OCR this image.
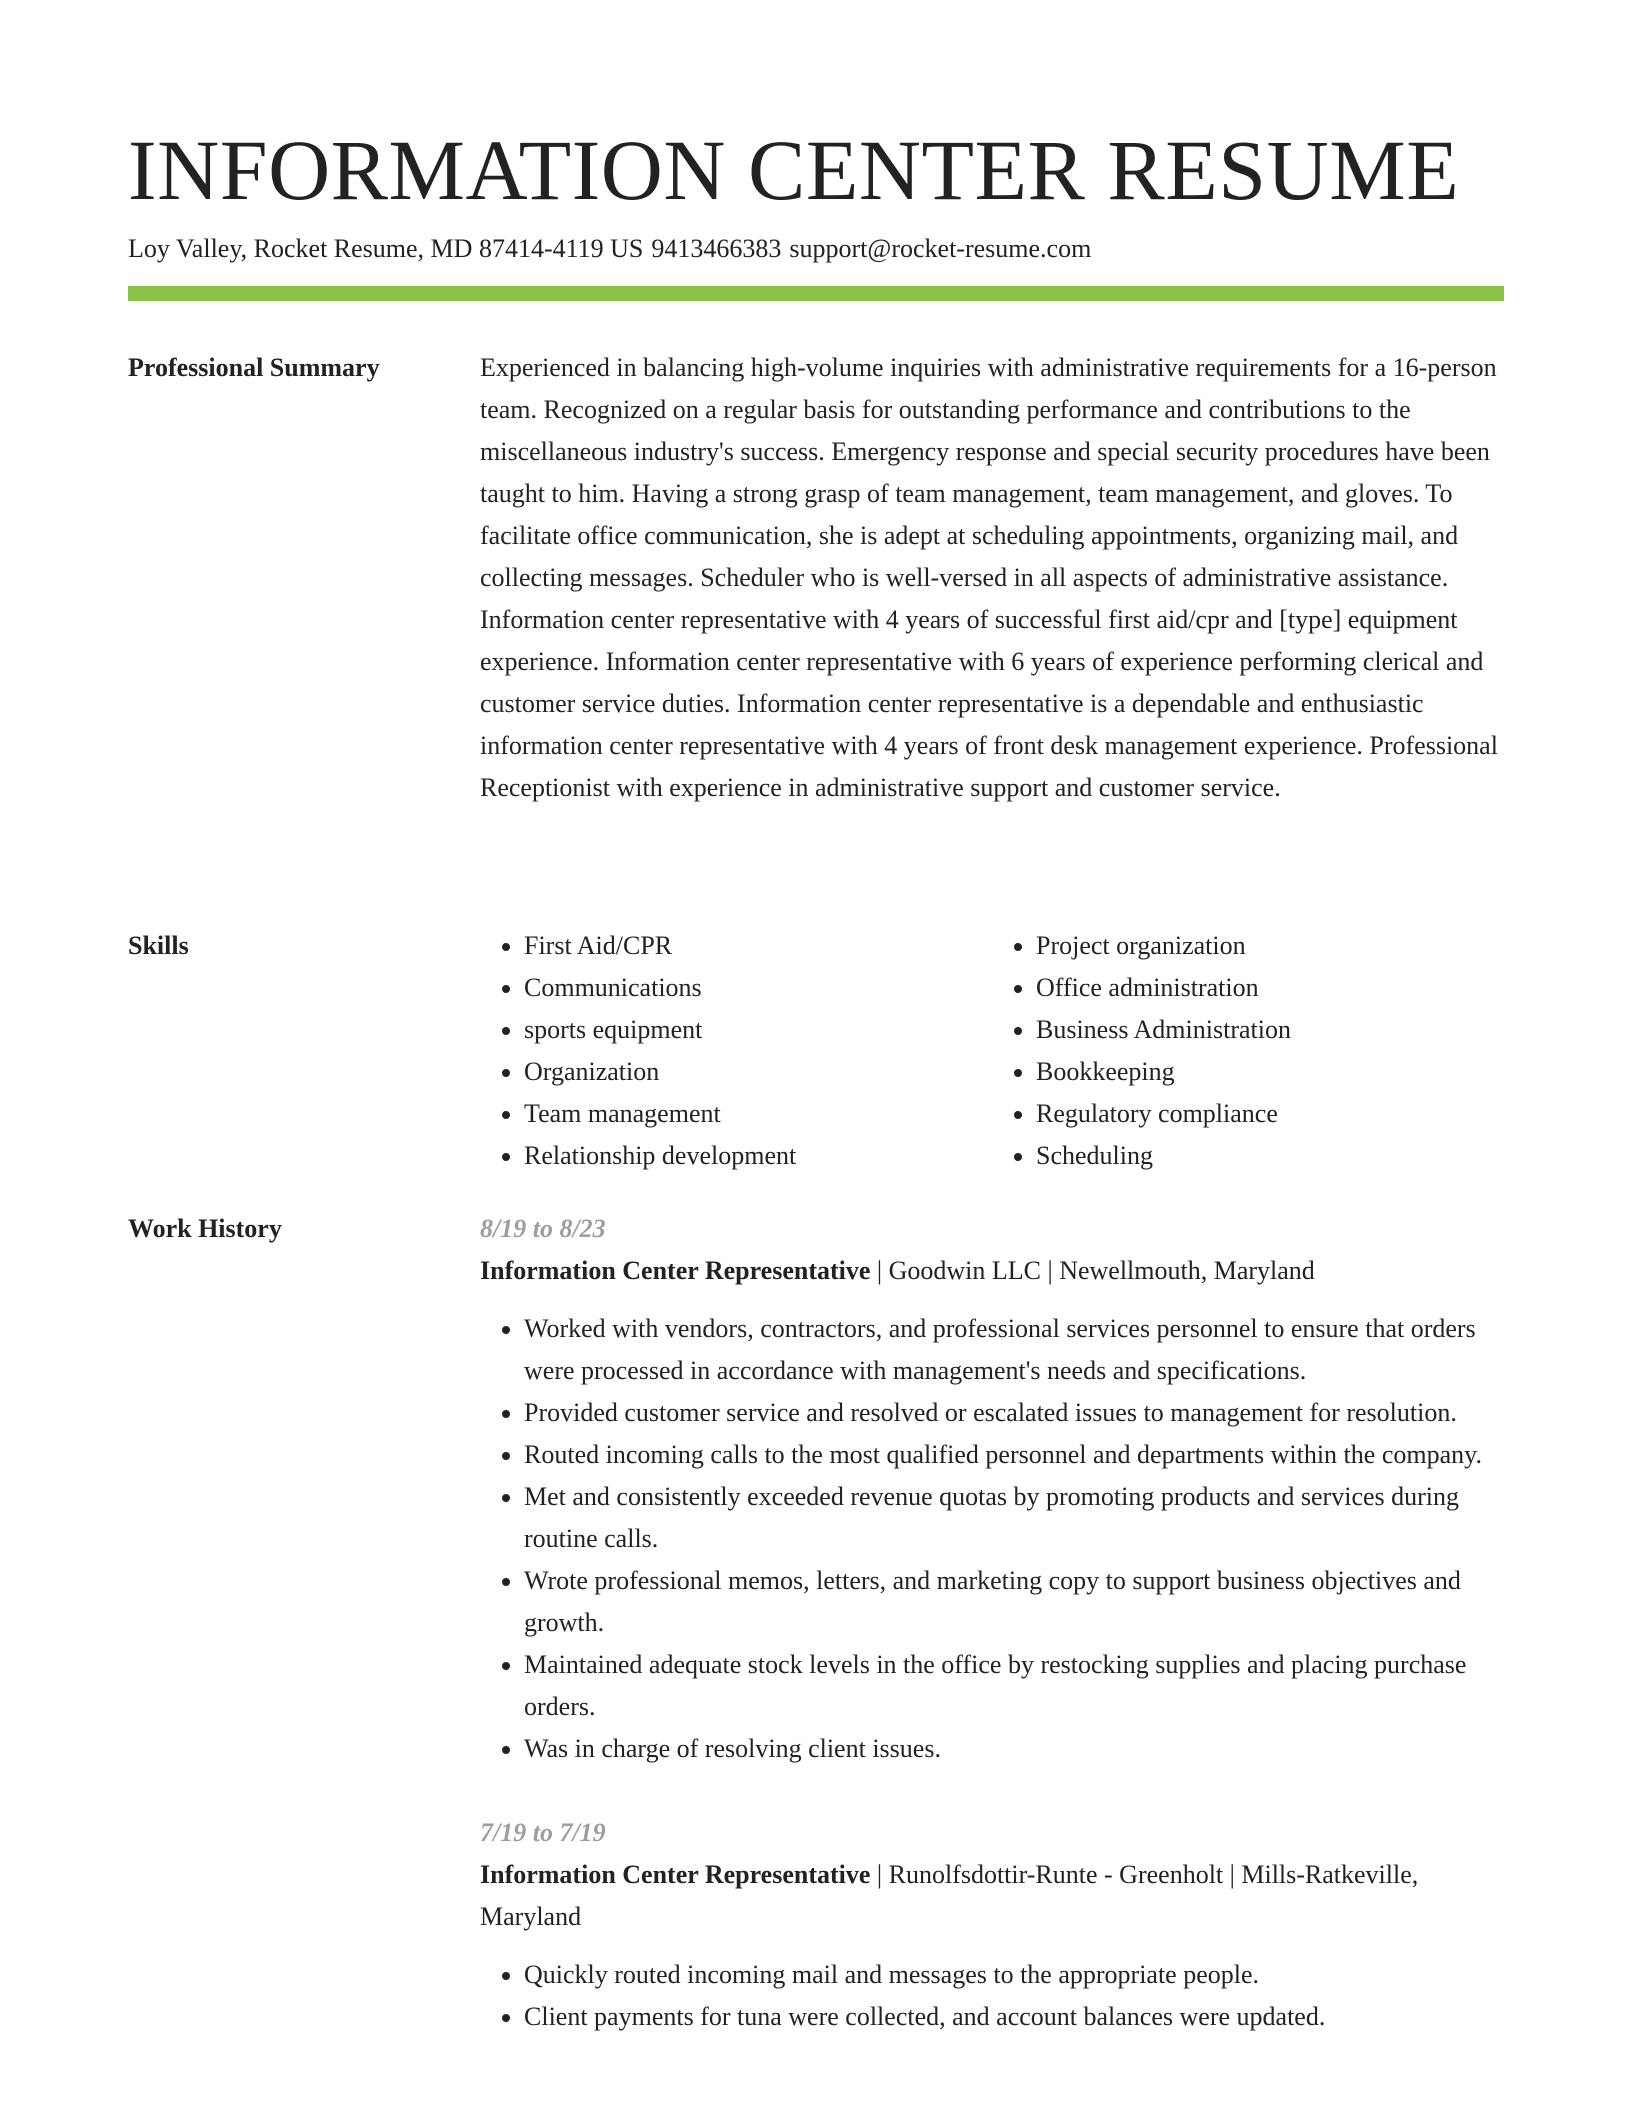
INFORMATION CENTER RESUME
Loy Valley, Rocket Resume, MD 87414-4119 US 9413466383 support@rocket-resume.com
Professional Summary	Experienced in balancing high-volume inquiries with administrative requirements for a 16-person team. Recognized on a regular basis for outstanding performance and contributions to the miscellaneous industry's success. Emergency response and special security procedures have been taught to him. Having a strong grasp of team management, team management, and gloves. To facilitate office communication, she is adept at scheduling appointments, organizing mail, and collecting messages. Scheduler who is well-versed in all aspects of administrative assistance. Information center representative with 4 years of successful first aid/cpr and [type] equipment experience. Information center representative with 6 years of experience performing clerical and customer service duties. Information center representative is a dependable and enthusiastic information center representative with 4 years of front desk management experience. Professional Receptionist with experience in administrative support and customer service.

Skills
•	First Aid/CPR
• Communications
• sports equipment
• Organization
• Team management
• Relationship development
• Project organization
• Office administration
• Business Administration
• Bookkeeping
• Regulatory compliance
• Scheduling
Work History	8/19 to 8/23
Information Center Representative | Goodwin LLC | Newellmouth, Maryland
• Worked with vendors, contractors, and professional services personnel to ensure that orders were processed in accordance with management's needs and specifications.
• Provided customer service and resolved or escalated issues to management for resolution.
• Routed incoming calls to the most qualified personnel and departments within the company.
• Met and consistently exceeded revenue quotas by promoting products and services during routine calls.
• Wrote professional memos, letters, and marketing copy to support business objectives and growth.
• Maintained adequate stock levels in the office by restocking supplies and placing purchase orders.
• Was in charge of resolving client issues.
7/19 to 7/19
Information Center Representative | Runolfsdottir-Runte - Greenholt | Mills-Ratkeville, Maryland
• Quickly routed incoming mail and messages to the appropriate people.
• Client payments for tuna were collected, and account balances were updated.
